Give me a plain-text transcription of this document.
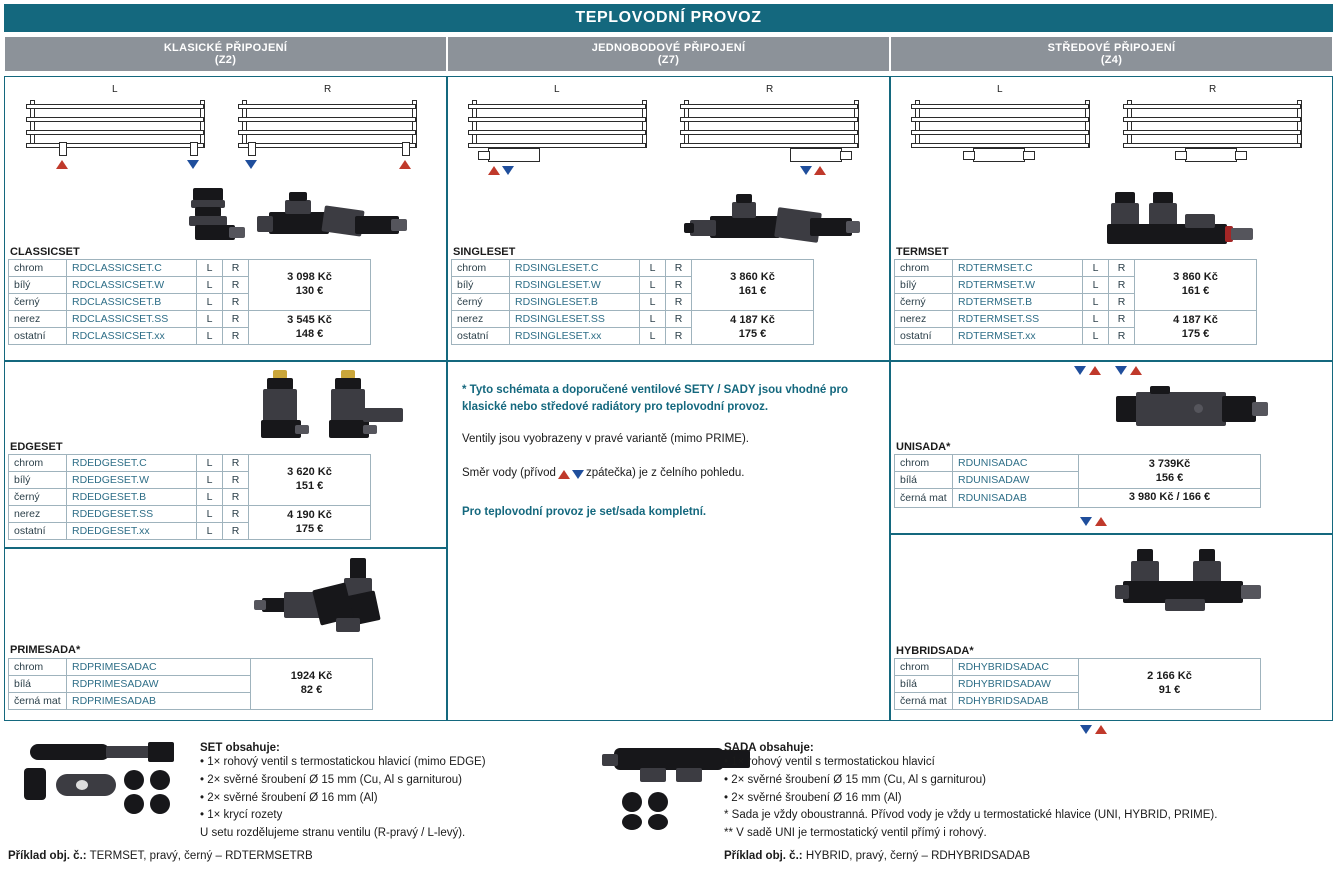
TEPLOVODNÍ PROVOZ
KLASICKÉ PŘIPOJENÍ
(Z2)
JEDNOBODOVÉ PŘIPOJENÍ
(Z7)
STŘEDOVÉ PŘIPOJENÍ
(Z4)
L	R
CLASSICSET
chrom	RDCLASSICSET.C	L	R	3 098 Kč
130 €
bílý	RDCLASSICSET.W	L	R	
černý	RDCLASSICSET.B	L	R	
nerez	RDCLASSICSET.SS	L	R	3 545 Kč
148 €
ostatní	RDCLASSICSET.xx	L	R	
EDGESET
chrom	RDEDGESET.C	L	R	3 620 Kč
151 €
bílý	RDEDGESET.W	L	R	
černý	RDEDGESET.B	L	R	
nerez	RDEDGESET.SS	L	R	4 190 Kč
175 €
ostatní	RDEDGESET.xx	L	R	
PRIMESADA*
chrom	RDPRIMESADAC	1924 Kč
82 €
bílá	RDPRIMESADAW	
černá mat	RDPRIMESADAB	
L	R
SINGLESET
chrom	RDSINGLESET.C	L	R	3 860 Kč
161 €
bílý	RDSINGLESET.W	L	R	
černý	RDSINGLESET.B	L	R	
nerez	RDSINGLESET.SS	L	R	4 187 Kč
175 €
ostatní	RDSINGLESET.xx	L	R	
* Tyto schémata a doporučené ventilové SETY / SADY jsou vhodné pro klasické nebo středové radiátory pro teplovodní provoz.
Ventily jsou vyobrazeny v pravé variantě (mimo PRIME).
Směr vody (přívod	zpátečka) je z čelního pohledu.
Pro teplovodní provoz je set/sada kompletní.
L	R
TERMSET
chrom	RDTERMSET.C	L	R	3 860 Kč
161 €
bílý	RDTERMSET.W	L	R	
černý	RDTERMSET.B	L	R	
nerez	RDTERMSET.SS	L	R	4 187 Kč
175 €
ostatní	RDTERMSET.xx	L	R	
UNISADA*
chrom	RDUNISADAC	3 739Kč
156 €
bílá	RDUNISADAW	
černá mat	RDUNISADAB	3 980 Kč / 166 €
HYBRIDSADA*
chrom	RDHYBRIDSADAC	2 166 Kč
91 €
bílá	RDHYBRIDSADAW	
černá mat	RDHYBRIDSADAB	
SET obsahuje:
• 1× rohový ventil s termostatickou hlavicí (mimo EDGE)
• 2× svěrné šroubení Ø 15 mm (Cu, Al s garniturou)
• 2× svěrné šroubení Ø 16 mm (Al)
• 1× krycí rozety
U setu rozdělujeme stranu ventilu (R-pravý / L-levý).
SADA obsahuje:
• 1× rohový ventil s termostatickou hlavicí
• 2× svěrné šroubení Ø 15 mm (Cu, Al s garniturou)
• 2× svěrné šroubení Ø 16 mm (Al)
* Sada je vždy oboustranná. Přívod vody je vždy u termostatické hlavice (UNI, HYBRID, PRIME).
** V sadě UNI je termostatický ventil přímý i rohový.
Příklad obj. č.: TERMSET, pravý, černý – RDTERMSETRB	Příklad obj. č.: HYBRID, pravý, černý – RDHYBRIDSADAB
